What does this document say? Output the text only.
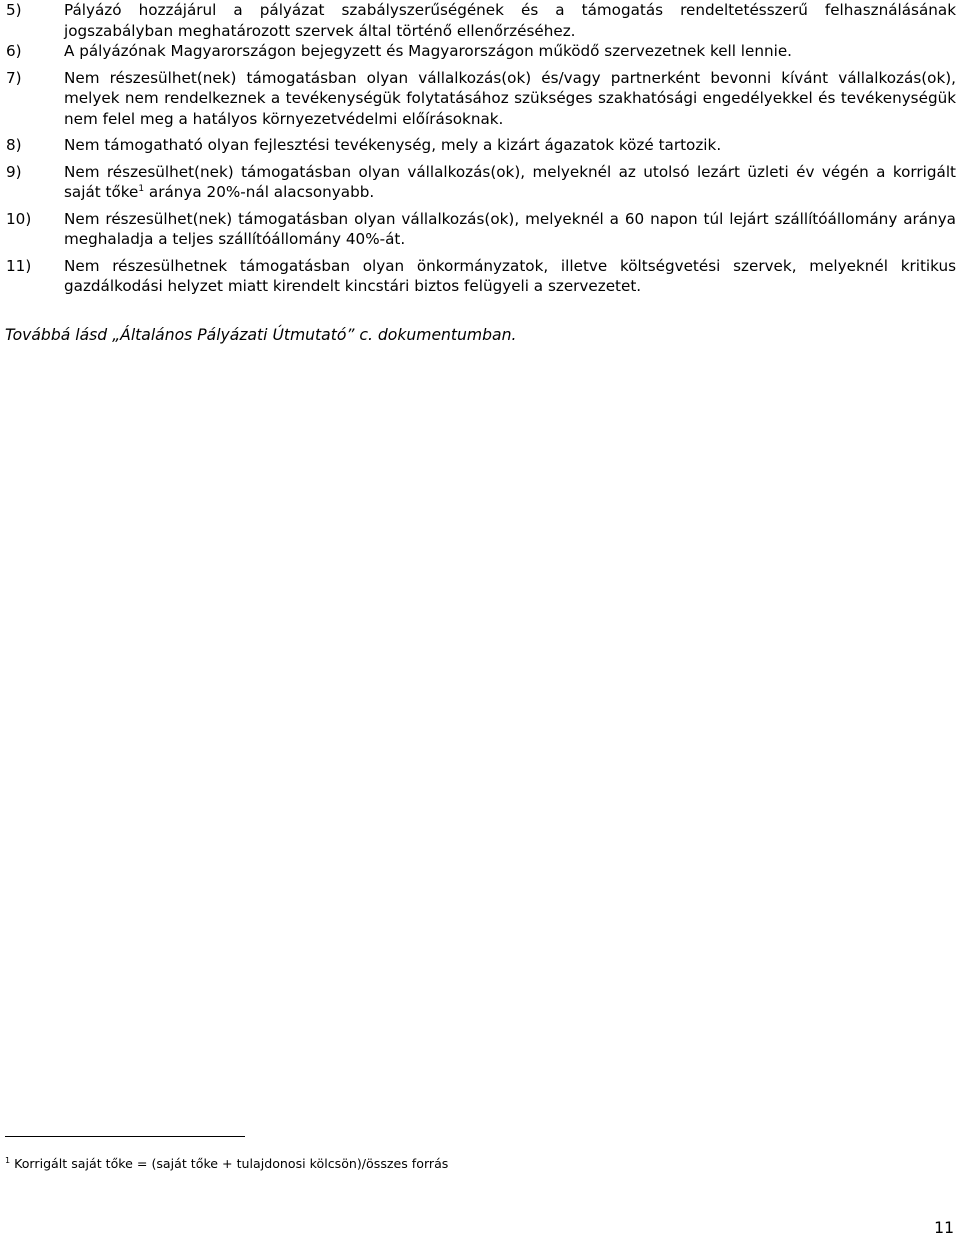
5)	Pályázó hozzájárul a pályázat szabályszerűségének és a támogatás rendeltetésszerű felhasználásának jogszabályban meghatározott szervek által történő ellenőrzéséhez.
6)	A pályázónak Magyarországon bejegyzett és Magyarországon működő szervezetnek kell lennie.
7)	Nem részesülhet(nek) támogatásban olyan vállalkozás(ok) és/vagy partnerként bevonni kívánt vállalkozás(ok), melyek nem rendelkeznek a tevékenységük folytatásához szükséges szakhatósági engedélyekkel és tevékenységük nem felel meg a hatályos környezetvédelmi előírásoknak.
8)	Nem támogatható olyan fejlesztési tevékenység, mely a kizárt ágazatok közé tartozik.
9)	Nem részesülhet(nek) támogatásban olyan vállalkozás(ok), melyeknél az utolsó lezárt üzleti év végén a korrigált saját tőke$^1$ aránya 20%-nál alacsonyabb.
10) Nem részesülhet(nek) támogatásban olyan vállalkozás(ok), melyeknél a 60 napon túl lejárt szállítóállomány aránya meghaladja a teljes szállítóállomány 40%-át.
11) Nem részesülhetnek támogatásban olyan önkormányzatok, illetve költségvetési szervek, melyeknél kritikus gazdálkodási helyzet miatt kirendelt kincstári biztos felügyeli a szervezetet.
Továbbá lásd „Általános Pályázati Útmutató” c. dokumentumban.
$^1$ Korrigált saját tőke = (saját tőke + tulajdonosi kölcsön)/összes forrás
11
